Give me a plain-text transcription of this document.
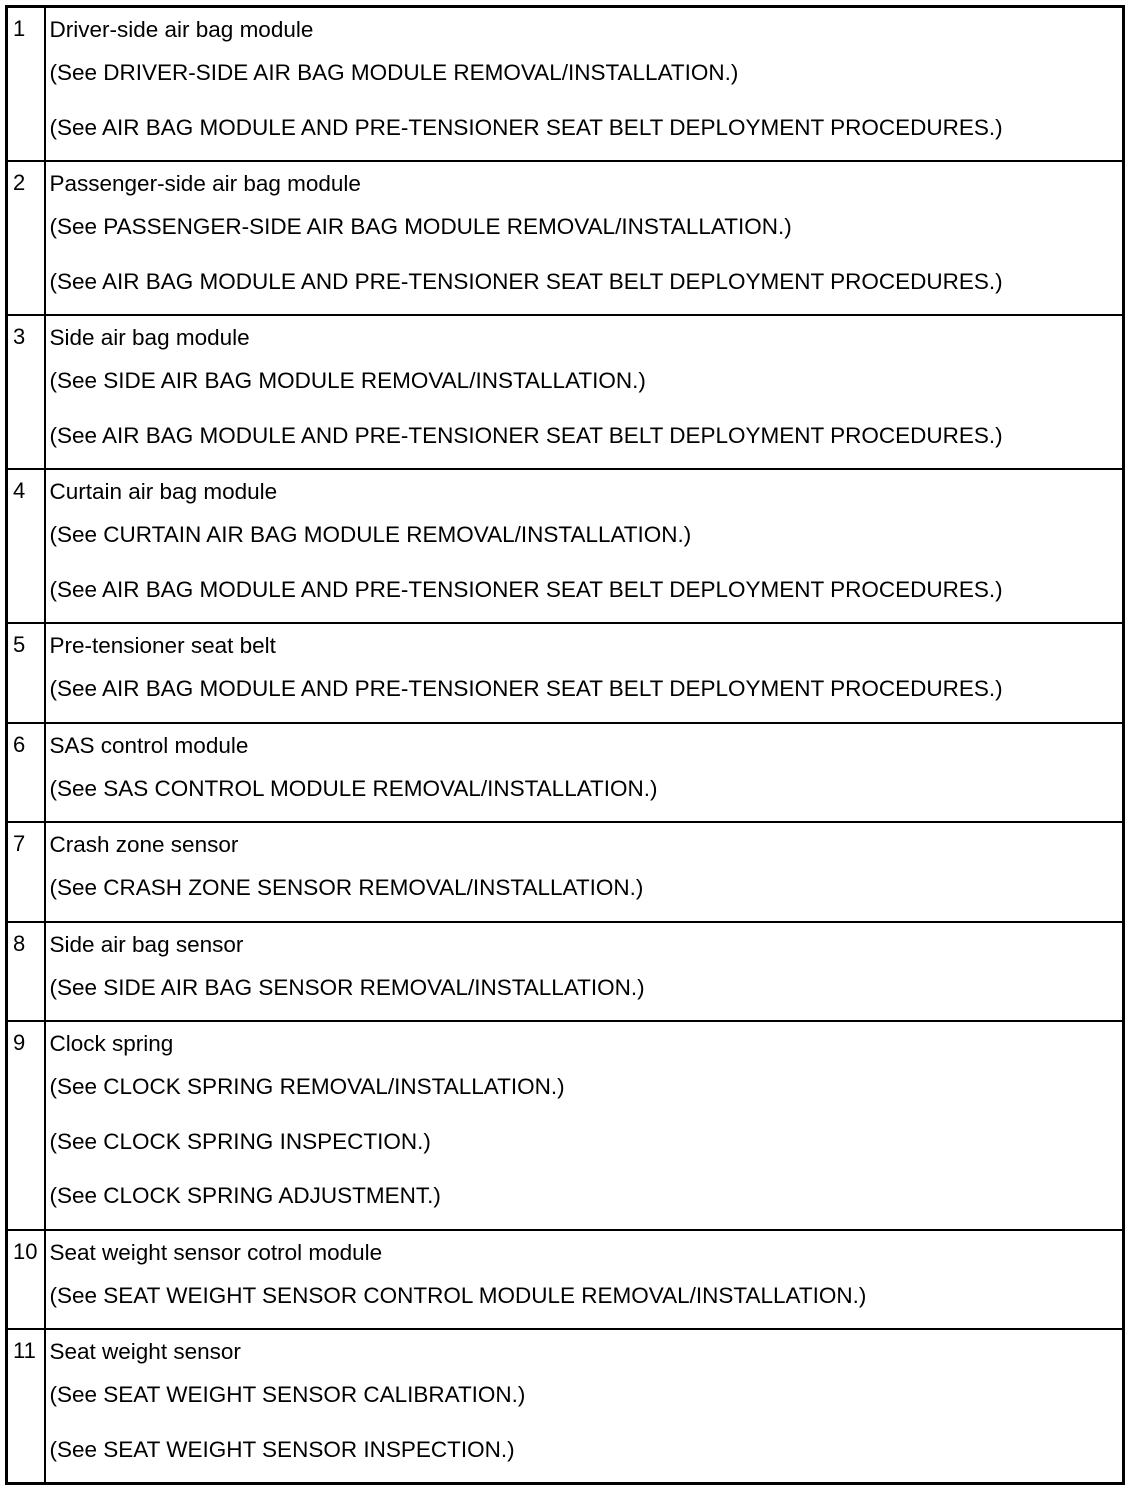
1	Driver-side air bag module
(See DRIVER-SIDE AIR BAG MODULE REMOVAL/INSTALLATION.)
(See AIR BAG MODULE AND PRE-TENSIONER SEAT BELT DEPLOYMENT PROCEDURES.)

2	Passenger-side air bag module
(See PASSENGER-SIDE AIR BAG MODULE REMOVAL/INSTALLATION.)
(See AIR BAG MODULE AND PRE-TENSIONER SEAT BELT DEPLOYMENT PROCEDURES.)

3	Side air bag module
(See SIDE AIR BAG MODULE REMOVAL/INSTALLATION.)
(See AIR BAG MODULE AND PRE-TENSIONER SEAT BELT DEPLOYMENT PROCEDURES.)

4	Curtain air bag module
(See CURTAIN AIR BAG MODULE REMOVAL/INSTALLATION.)
(See AIR BAG MODULE AND PRE-TENSIONER SEAT BELT DEPLOYMENT PROCEDURES.)

5	Pre-tensioner seat belt
(See AIR BAG MODULE AND PRE-TENSIONER SEAT BELT DEPLOYMENT PROCEDURES.)

6	SAS control module
(See SAS CONTROL MODULE REMOVAL/INSTALLATION.)

7	Crash zone sensor
(See CRASH ZONE SENSOR REMOVAL/INSTALLATION.)

8	Side air bag sensor
(See SIDE AIR BAG SENSOR REMOVAL/INSTALLATION.)

9	Clock spring
(See CLOCK SPRING REMOVAL/INSTALLATION.)
(See CLOCK SPRING INSPECTION.)
(See CLOCK SPRING ADJUSTMENT.)

10	Seat weight sensor cotrol module
(See SEAT WEIGHT SENSOR CONTROL MODULE REMOVAL/INSTALLATION.)

11	Seat weight sensor
(See SEAT WEIGHT SENSOR CALIBRATION.)
(See SEAT WEIGHT SENSOR INSPECTION.)
